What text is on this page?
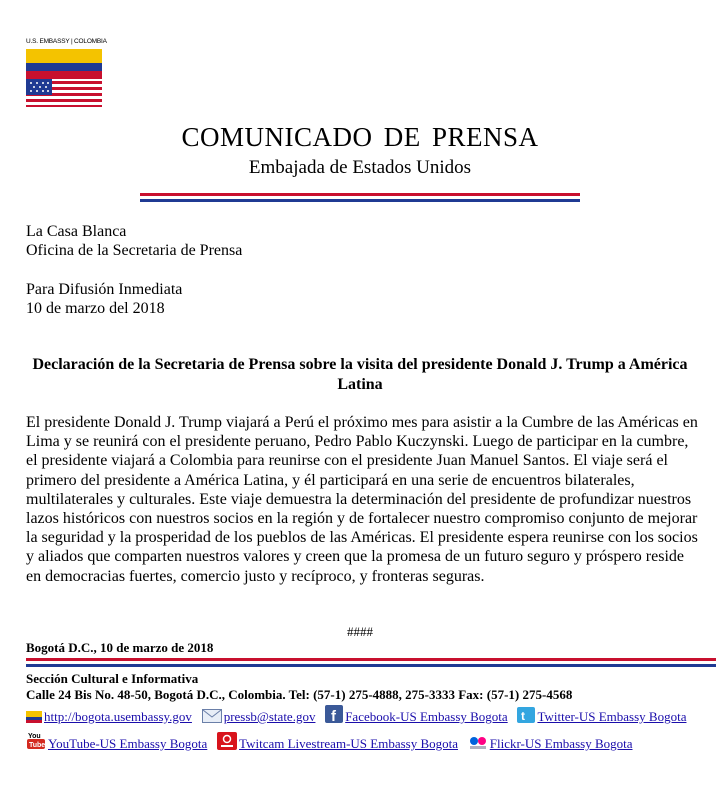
U.S. EMBASSY | COLOMBIA
COMUNICADO DE PRENSA
Embajada de Estados Unidos
La Casa Blanca
Oficina de la Secretaria de Prensa
Para Difusión Inmediata
10 de marzo del 2018
Declaración de la Secretaria de Prensa sobre la visita del presidente Donald J. Trump a América Latina
El presidente Donald J. Trump viajará a Perú el próximo mes para asistir a la Cumbre de las Américas en Lima y se reunirá con el presidente peruano, Pedro Pablo Kuczynski. Luego de participar en la cumbre, el presidente viajará a Colombia para reunirse con el presidente Juan Manuel Santos. El viaje será el primero del presidente a América Latina, y él participará en una serie de encuentros bilaterales, multilaterales y culturales. Este viaje demuestra la determinación del presidente de profundizar nuestros lazos históricos con nuestros socios en la región y de fortalecer nuestro compromiso conjunto de mejorar la seguridad y la prosperidad de los pueblos de las Américas. El presidente espera reunirse con los socios y aliados que comparten nuestros valores y creen que la promesa de un futuro seguro y próspero reside en democracias fuertes, comercio justo y recíproco, y fronteras seguras.
####
Bogotá D.C., 10 de marzo de 2018
Sección Cultural e Informativa
Calle 24 Bis No. 48-50, Bogotá D.C., Colombia. Tel: (57-1) 275-4888, 275-3333 Fax: (57-1) 275-4568
http://bogota.usembassy.gov pressb@state.gov f Facebook-US Embassy Bogota t Twitter-US Embassy Bogota
You
Tube YouTube-US Embassy Bogota Twitcam Livestream-US Embassy Bogota Flickr-US Embassy Bogota
